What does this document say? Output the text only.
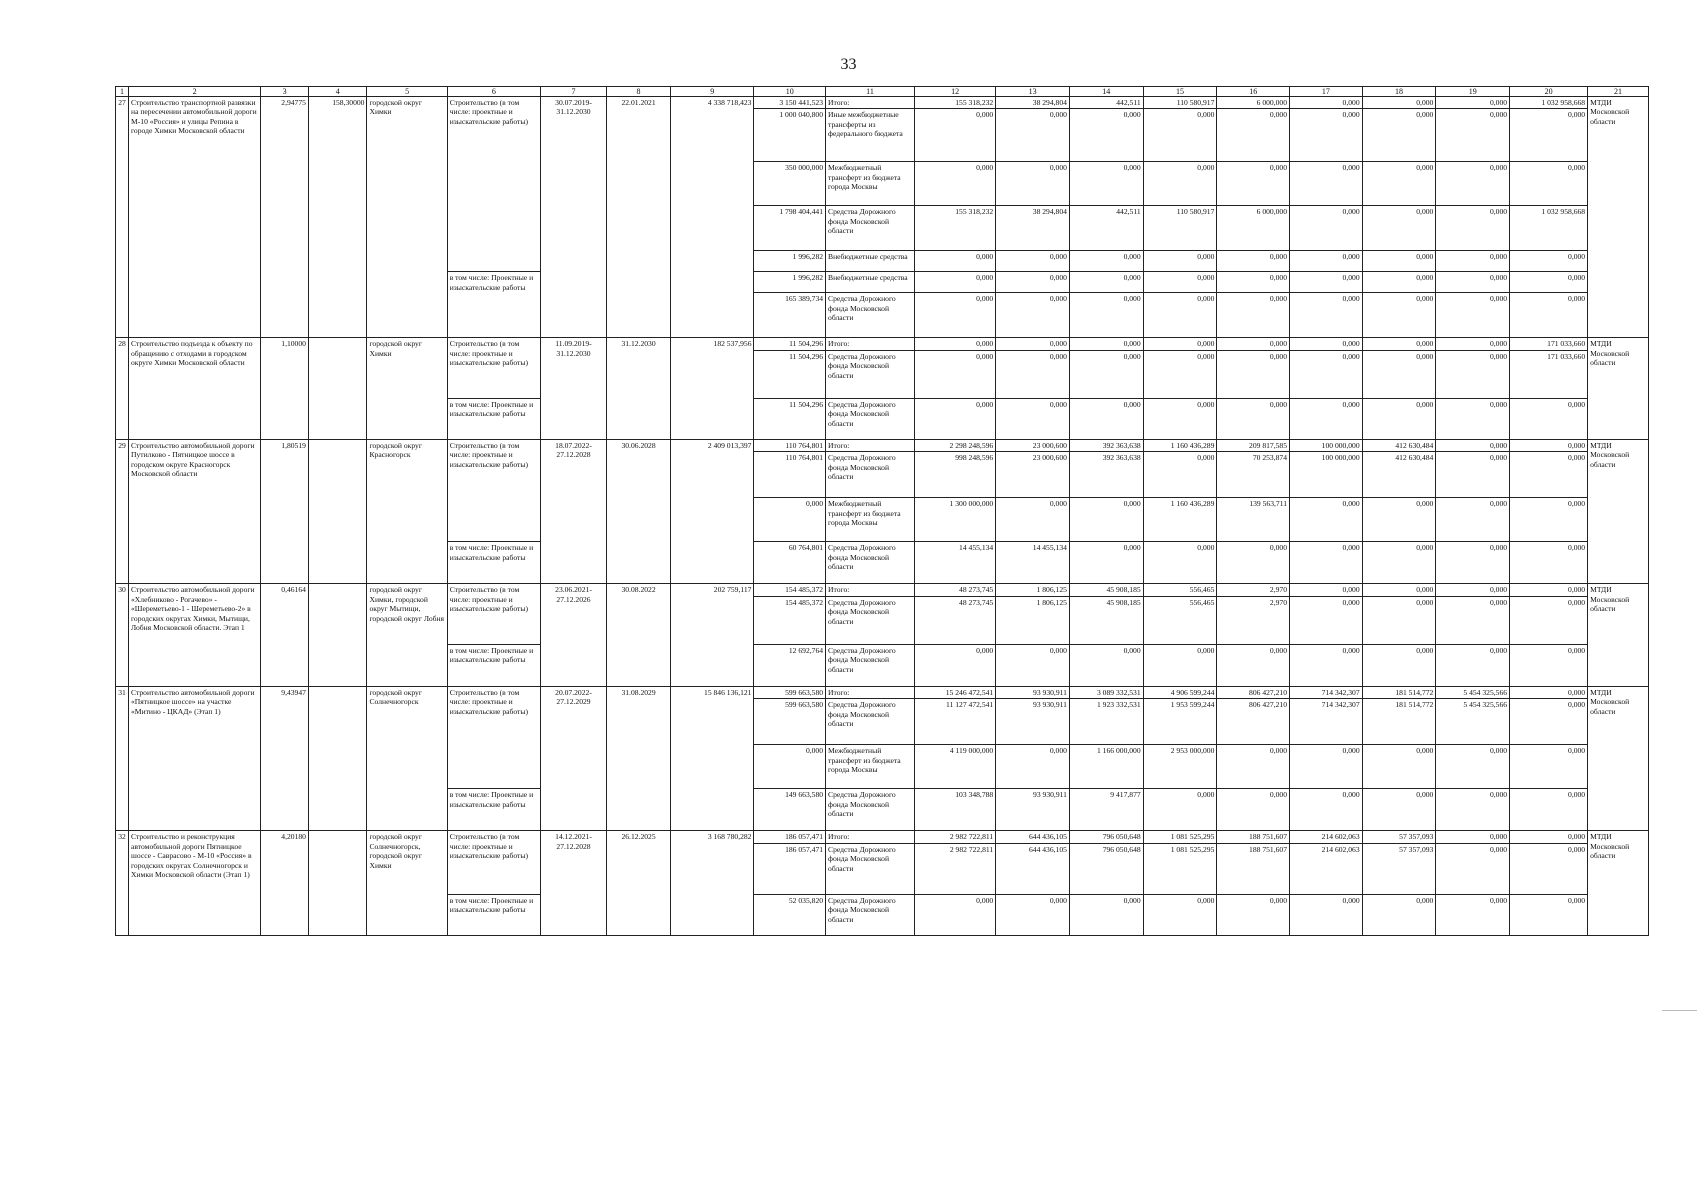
33
1	2	3	4	5	6	7	8	9	10	11	12	13	14	15	16	17	18	19	20	21
27	Строительство транспортной развязки на пересечении автомобильной дороги М-10 «Россия» и улицы Репина в городе Химки Московской области	2,94775	158,30000	городской округ Химки	Строительство (в том числе: проектные и изыскательские работы)	30.07.2019-31.12.2030	22.01.2021	4 338 718,423	3 150 441,523	Итого:	155 318,232	38 294,804	442,511	110 580,917	6 000,000	0,000	0,000	0,000	1 032 958,668	МТДИ Московской области
									1 000 040,800	Иные межбюджетные трансферты из федерального бюджета	0,000	0,000	0,000	0,000	0,000	0,000	0,000	0,000	0,000	
									350 000,000	Межбюджетный трансферт из бюджета города Москвы	0,000	0,000	0,000	0,000	0,000	0,000	0,000	0,000	0,000	
									1 798 404,441	Средства Дорожного фонда Московской области	155 318,232	38 294,804	442,511	110 580,917	6 000,000	0,000	0,000	0,000	1 032 958,668	
									1 996,282	Внебюджетные средства	0,000	0,000	0,000	0,000	0,000	0,000	0,000	0,000	0,000	
					в том числе: Проектные и изыскательские работы				1 996,282	Внебюджетные средства	0,000	0,000	0,000	0,000	0,000	0,000	0,000	0,000	0,000	
									165 389,734	Средства Дорожного фонда Московской области	0,000	0,000	0,000	0,000	0,000	0,000	0,000	0,000	0,000	
28	Строительство подъезда к объекту по обращению с отходами в городском округе Химки Московской области	1,10000		городской округ Химки	Строительство (в том числе: проектные и изыскательские работы)	11.09.2019-31.12.2030	31.12.2030	182 537,956	11 504,296	Итого:	0,000	0,000	0,000	0,000	0,000	0,000	0,000	0,000	171 033,660	МТДИ Московской области
									11 504,296	Средства Дорожного фонда Московской области	0,000	0,000	0,000	0,000	0,000	0,000	0,000	0,000	171 033,660	
					в том числе: Проектные и изыскательские работы				11 504,296	Средства Дорожного фонда Московской области	0,000	0,000	0,000	0,000	0,000	0,000	0,000	0,000	0,000	
29	Строительство автомобильной дороги Путилково - Пятницкое шоссе в городском округе Красногорск Московской области	1,80519		городской округ Красногорск	Строительство (в том числе: проектные и изыскательские работы)	18.07.2022-27.12.2028	30.06.2028	2 409 013,397	110 764,801	Итого:	2 298 248,596	23 000,600	392 363,638	1 160 436,289	209 817,585	100 000,000	412 630,484	0,000	0,000	МТДИ Московской области
									110 764,801	Средства Дорожного фонда Московской области	998 248,596	23 000,600	392 363,638	0,000	70 253,874	100 000,000	412 630,484	0,000	0,000	
									0,000	Межбюджетный трансферт из бюджета города Москвы	1 300 000,000	0,000	0,000	1 160 436,289	139 563,711	0,000	0,000	0,000	0,000	
					в том числе: Проектные и изыскательские работы				60 764,801	Средства Дорожного фонда Московской области	14 455,134	14 455,134	0,000	0,000	0,000	0,000	0,000	0,000	0,000	
30	Строительство автомобильной дороги «Хлебниково - Рогачево» - «Шереметьево-1 - Шереметьево-2» в городских округах Химки, Мытищи, Лобня Московской области. Этап 1	0,46164		городской округ Химки, городской округ Мытищи, городской округ Лобня	Строительство (в том числе: проектные и изыскательские работы)	23.06.2021-27.12.2026	30.08.2022	202 759,117	154 485,372	Итого:	48 273,745	1 806,125	45 908,185	556,465	2,970	0,000	0,000	0,000	0,000	МТДИ Московской области
									154 485,372	Средства Дорожного фонда Московской области	48 273,745	1 806,125	45 908,185	556,465	2,970	0,000	0,000	0,000	0,000	
					в том числе: Проектные и изыскательские работы				12 692,764	Средства Дорожного фонда Московской области	0,000	0,000	0,000	0,000	0,000	0,000	0,000	0,000	0,000	
31	Строительство автомобильной дороги «Пятницкое шоссе» на участке «Митино - ЦКАД» (Этап 1)	9,43947		городской округ Солнечногорск	Строительство (в том числе: проектные и изыскательские работы)	20.07.2022-27.12.2029	31.08.2029	15 846 136,121	599 663,580	Итого:	15 246 472,541	93 930,911	3 089 332,531	4 906 599,244	806 427,210	714 342,307	181 514,772	5 454 325,566	0,000	МТДИ Московской области
									599 663,580	Средства Дорожного фонда Московской области	11 127 472,541	93 930,911	1 923 332,531	1 953 599,244	806 427,210	714 342,307	181 514,772	5 454 325,566	0,000	
									0,000	Межбюджетный трансферт из бюджета города Москвы	4 119 000,000	0,000	1 166 000,000	2 953 000,000	0,000	0,000	0,000	0,000	0,000	
					в том числе: Проектные и изыскательские работы				149 663,580	Средства Дорожного фонда Московской области	103 348,788	93 930,911	9 417,877	0,000	0,000	0,000	0,000	0,000	0,000	
32	Строительство и реконструкция автомобильной дороги Пятницкое шоссе - Савраcово - М-10 «Россия» в городских округах Солнечногорск и Химки Московской области (Этап 1)	4,20180		городской округ Солнечногорск, городской округ Химки	Строительство (в том числе: проектные и изыскательские работы)	14.12.2021-27.12.2028	26.12.2025	3 168 780,282	186 057,471	Итого:	2 982 722,811	644 436,105	796 050,648	1 081 525,295	188 751,607	214 602,063	57 357,093	0,000	0,000	МТДИ Московской области
									186 057,471	Средства Дорожного фонда Московской области	2 982 722,811	644 436,105	796 050,648	1 081 525,295	188 751,607	214 602,063	57 357,093	0,000	0,000	
					в том числе: Проектные и изыскательские работы				52 035,820	Средства Дорожного фонда Московской области	0,000	0,000	0,000	0,000	0,000	0,000	0,000	0,000	0,000	
